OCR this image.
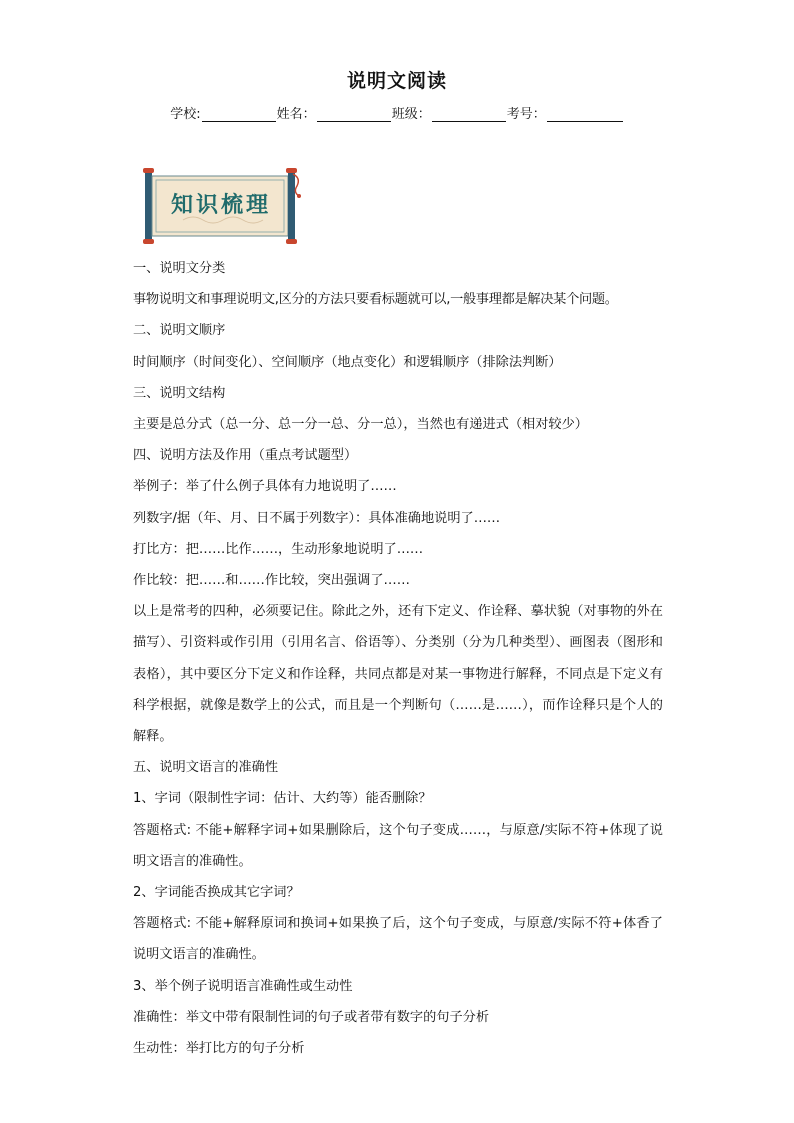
说明文阅读
学校:	姓名：	班级：	考号：
知识梳理

一、说明文分类

事物说明文和事理说明文,区分的方法只要看标题就可以,一般事理都是解决某个问题。

二、说明文顺序

时间顺序（时间变化）、空间顺序（地点变化）和逻辑顺序（排除法判断）

三、说明文结构

主要是总分式（总一分、总一分一总、分一总），当然也有递进式（相对较少）

四、说明方法及作用（重点考试题型）

举例子：举了什么例子具体有力地说明了……

列数字/据（年、月、日不属于列数字）：具体准确地说明了……

打比方：把……比作……，生动形象地说明了……

作比较：把……和……作比较，突出强调了……

以上是常考的四种，必须要记住。除此之外，还有下定义、作诠释、摹状貌（对事物的外在描写）、引资料或作引用（引用名言、俗语等）、分类别（分为几种类型）、画图表（图形和表格），其中要区分下定义和作诠释，共同点都是对某一事物进行解释，不同点是下定义有科学根据，就像是数学上的公式，而且是一个判断句（……是……），而作诠释只是个人的解释。

五、说明文语言的准确性

1、字词（限制性字词：估计、大约等）能否删除？

答题格式: 不能+解释字词+如果删除后，这个句子变成……，与原意/实际不符+体现了说明文语言的准确性。

2、字词能否换成其它字词？

答题格式: 不能+解释原词和换词+如果换了后，这个句子变成，与原意/实际不符+体香了说明文语言的准确性。

3、举个例子说明语言准确性或生动性

准确性：举文中带有限制性词的句子或者带有数字的句子分析

生动性：举打比方的句子分析
